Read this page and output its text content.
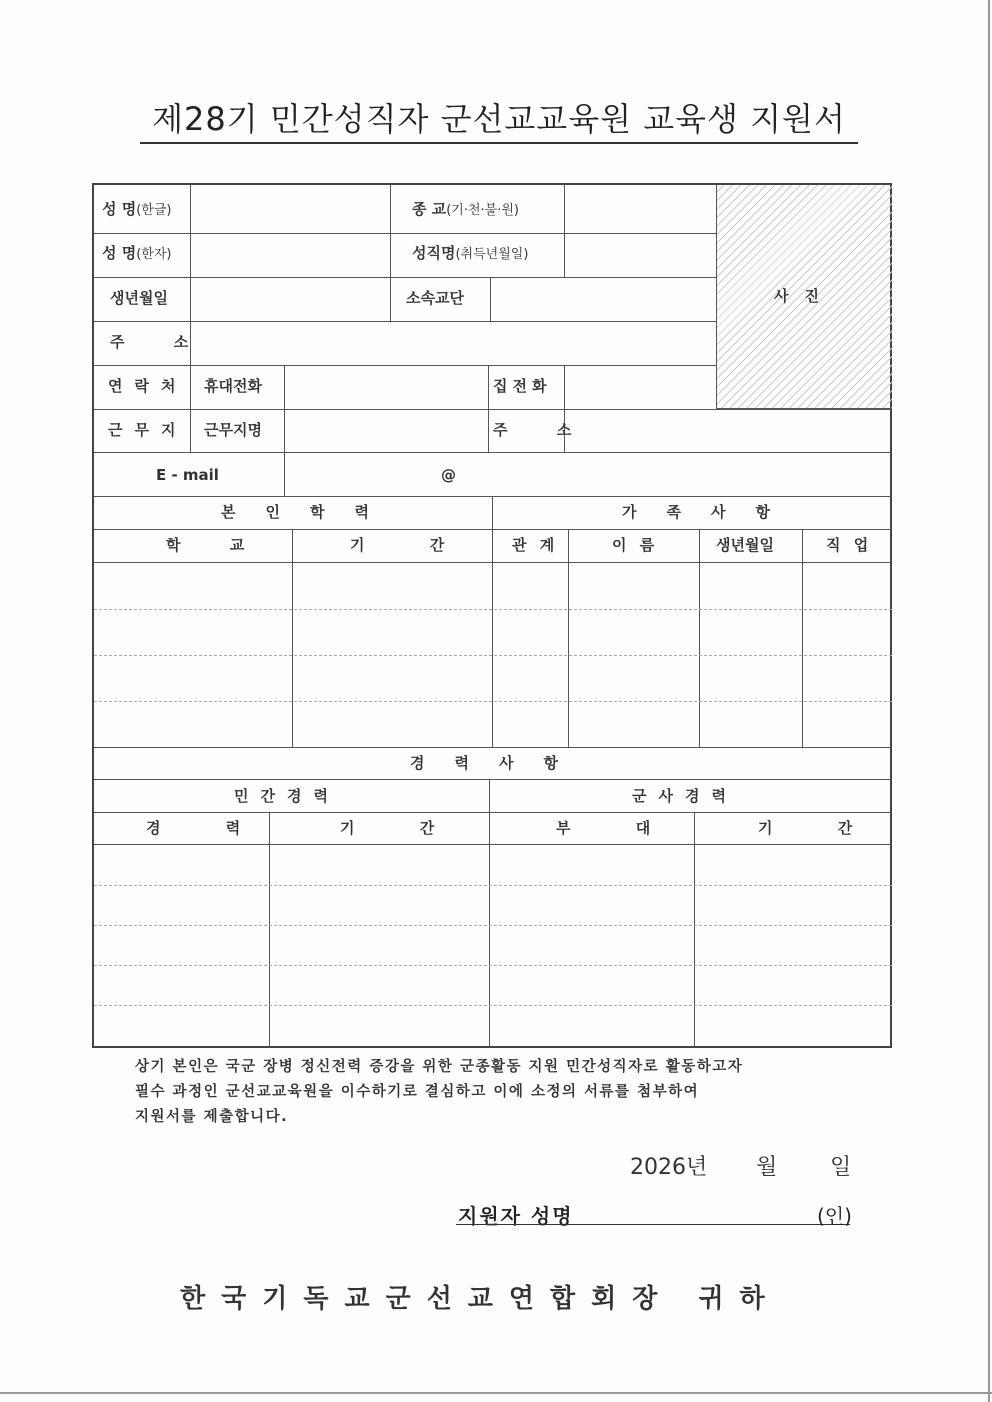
제28기 민간성직자 군선교교육원 교육생 지원서
사진
성 명(한글)	종 교(기·천·불·원)
성 명(한자)	성직명(취득년월일)
생년월일	소속교단
주 소
연락처 휴대전화	집전화
근무지 근무지명	주 소
E - mail	@
본인학력	가족사항
학 교	기 간	관 계	이 름	생년월일	직 업
경력사항
민간경력	군사경력
경 력	기 간	부 대	기 간
상기 본인은 국군 장병 정신전력 증강을 위한 군종활동 지원 민간성직자로 활동하고자
필수 과정인 군선교교육원을 이수하기로 결심하고 이에 소정의 서류를 첨부하여
지원서를 제출합니다.
2026년 월 일
지원자 성명	(인)
한국기독교군선교연합회장 귀하
